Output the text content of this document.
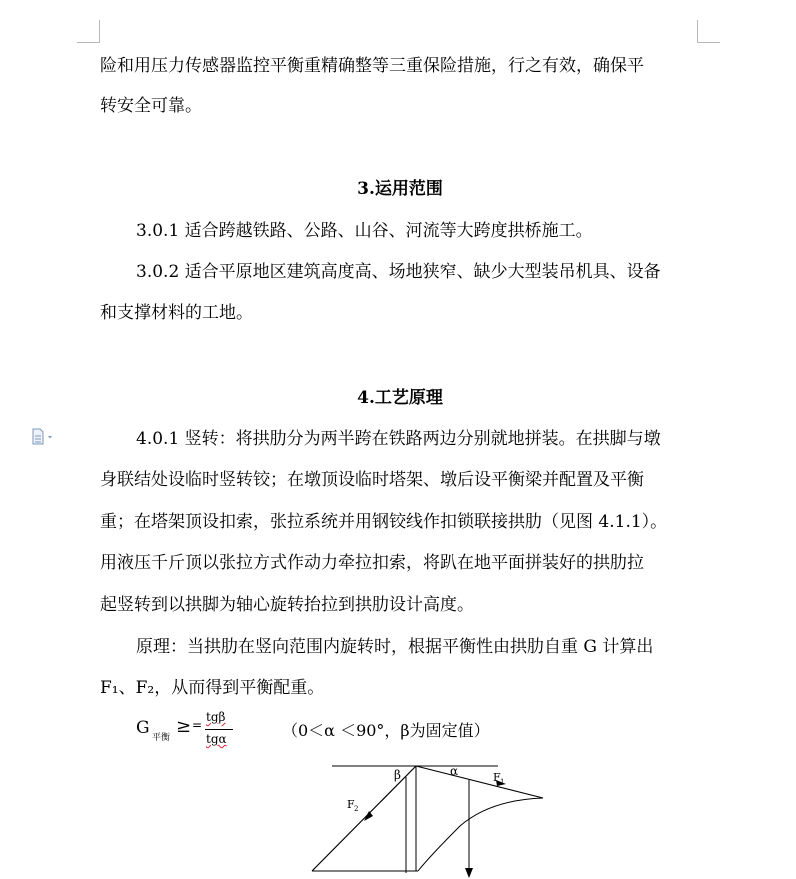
险和用压力传感器监控平衡重精确整等三重保险措施，行之有效，确保平
转安全可靠。
3.运用范围
3.0.1 适合跨越铁路、公路、山谷、河流等大跨度拱桥施工。
3.0.2 适合平原地区建筑高度高、场地狭窄、缺少大型装吊机具、设备
和支撑材料的工地。
4.工艺原理
4.0.1 竖转：将拱肋分为两半跨在铁路两边分别就地拼装。在拱脚与墩
身联结处设临时竖转铰；在墩顶设临时塔架、墩后设平衡梁并配置及平衡
重；在塔架顶设扣索，张拉系统并用钢铰线作扣锁联接拱肋（见图 4.1.1）。
用液压千斤顶以张拉方式作动力牵拉扣索，将趴在地平面拼装好的拱肋拉
起竖转到以拱脚为轴心旋转抬拉到拱肋设计高度。
原理：当拱肋在竖向范围内旋转时，根据平衡性由拱肋自重 G 计算出
F₁、F₂，从而得到平衡配重。
G 平衡
≥ =
tgβ
tgα	（0＜α ＜90°，β为固定值）
β	α	F 1
F 2
